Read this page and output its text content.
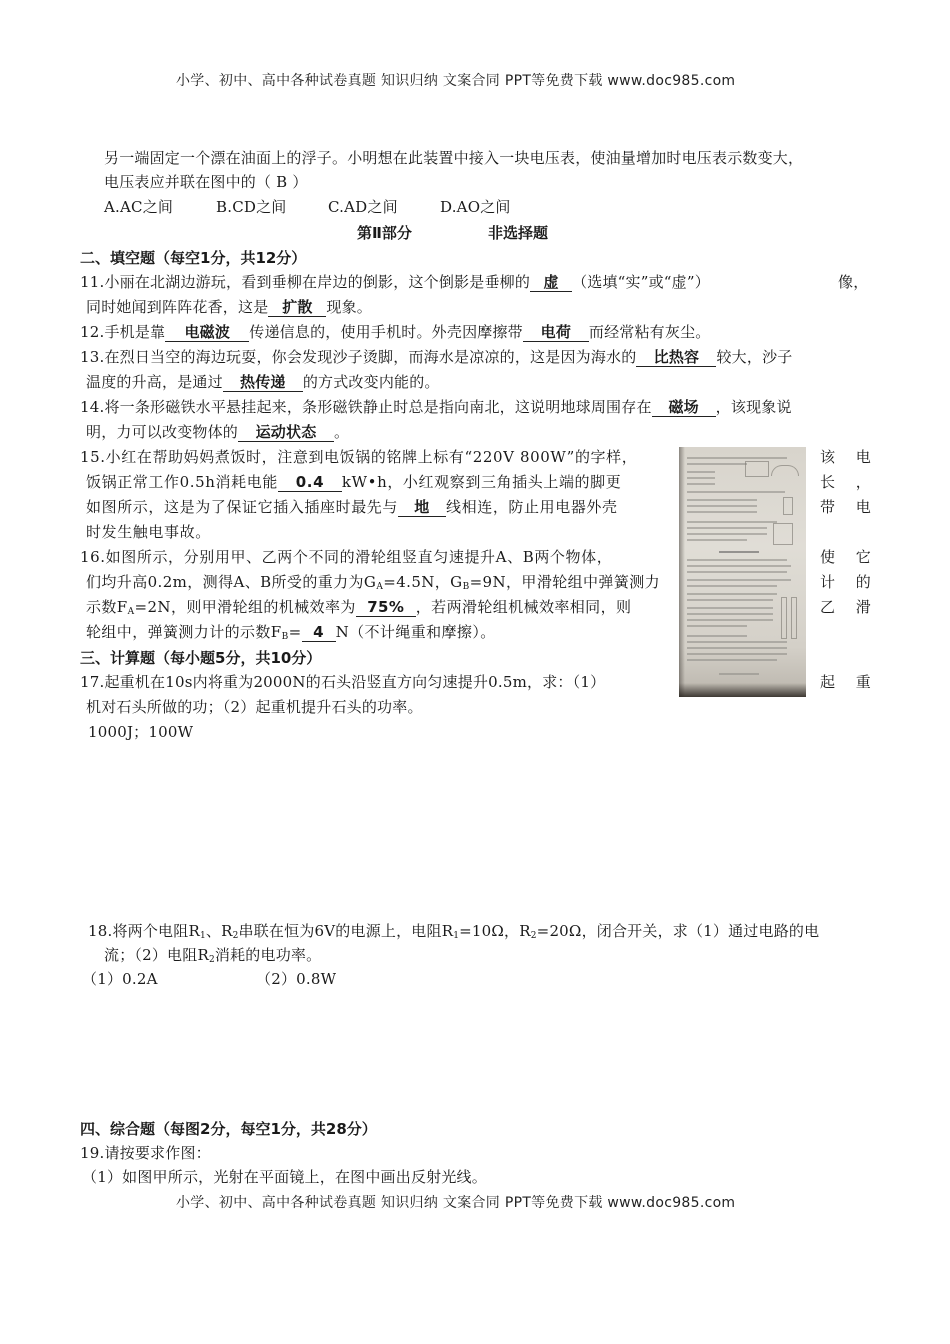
小学、初中、高中各种试卷真题 知识归纳 文案合同 PPT等免费下载 www.doc985.com
另一端固定一个漂在油面上的浮子。小明想在此装置中接入一块电压表，使油量增加时电压表示数变大，
电压表应并联在图中的（ B ）
A.AC之间	B.CD之间	C.AD之间	D.AO之间
第Ⅱ部分	非选择题
二、填空题（每空1分，共12分）
11.小丽在北湖边游玩，看到垂柳在岸边的倒影，这个倒影是垂柳的 虚 （选填“实”或“虚”）	像，
同时她闻到阵阵花香，这是 扩散 现象。
12.手机是靠 电磁波 传递信息的，使用手机时。外壳因摩擦带 电荷 而经常粘有灰尘。
13.在烈日当空的海边玩耍，你会发现沙子烫脚，而海水是凉凉的，这是因为海水的 比热容 较大，沙子
温度的升高，是通过 热传递 的方式改变内能的。
14.将一条形磁铁水平悬挂起来，条形磁铁静止时总是指向南北，这说明地球周围存在 磁场 ，该现象说
明，力可以改变物体的 运动状态 。
15.小红在帮助妈妈煮饭时，注意到电饭锅的铭牌上标有“220V 800W”的字样，	该 电
饭锅正常工作0.5h消耗电能 0.4 kW•h，小红观察到三角插头上端的脚更	长 ，
如图所示，这是为了保证它插入插座时最先与 地 线相连，防止用电器外壳	带 电
时发生触电事故。
16.如图所示，分别用甲、乙两个不同的滑轮组竖直匀速提升A、B两个物体，	使 它
们均升高0.2m，测得A、B所受的重力为$G_A=4.5N$，$G_B=9N$，甲滑轮组中弹簧测力	计 的
示数$F_A=2N$，则甲滑轮组的机械效率为 75% ，若两滑轮组机械效率相同，则	乙 滑
轮组中，弹簧测力计的示数$F_B= 4$ N（不计绳重和摩擦）。
三、计算题（每小题5分，共10分）
17.起重机在10s内将重为2000N的石头沿竖直方向匀速提升0.5m，求：（1）	起 重
机对石头所做的功；（2）起重机提升石头的功率。
1000J；100W
18.将两个电阻$R_1$、$R_2$串联在恒为6V的电源上，电阻$R_1=10\Omega$，$R_2=20\Omega$，闭合开关，求（1）通过电路的电
流；（2）电阻$R_2$消耗的电功率。
（1）0.2A	（2）0.8W
四、综合题（每图2分，每空1分，共28分）
19.请按要求作图：
（1）如图甲所示，光射在平面镜上，在图中画出反射光线。
小学、初中、高中各种试卷真题 知识归纳 文案合同 PPT等免费下载 www.doc985.com
